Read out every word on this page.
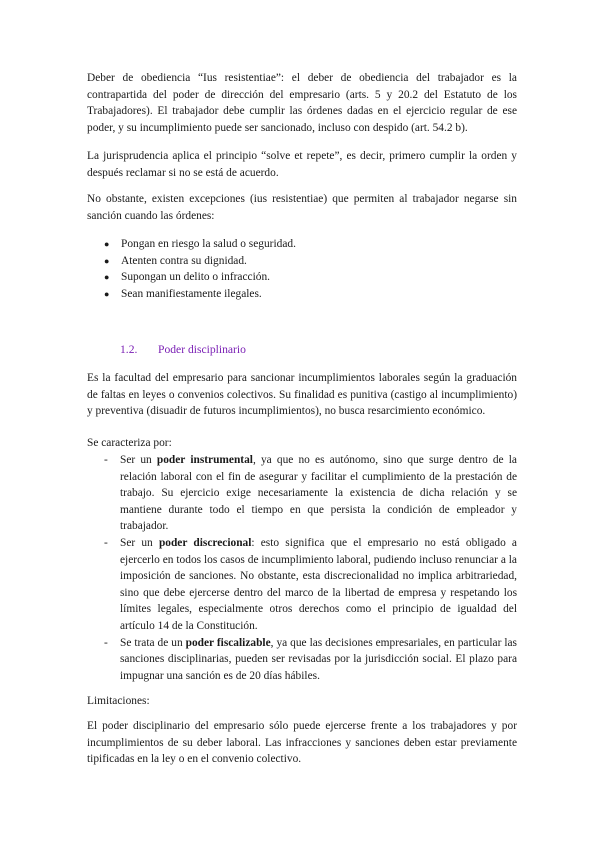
Deber de obediencia “Ius resistentiae”: el deber de obediencia del trabajador es la contrapartida del poder de dirección del empresario (arts. 5 y 20.2 del Estatuto de los Trabajadores). El trabajador debe cumplir las órdenes dadas en el ejercicio regular de ese poder, y su incumplimiento puede ser sancionado, incluso con despido (art. 54.2 b).

La jurisprudencia aplica el principio “solve et repete”, es decir, primero cumplir la orden y después reclamar si no se está de acuerdo.

No obstante, existen excepciones (ius resistentiae) que permiten al trabajador negarse sin sanción cuando las órdenes:

● Pongan en riesgo la salud o seguridad.
● Atenten contra su dignidad.
● Supongan un delito o infracción.
● Sean manifiestamente ilegales.
1.2. Poder disciplinario

Es la facultad del empresario para sancionar incumplimientos laborales según la graduación de faltas en leyes o convenios colectivos. Su finalidad es punitiva (castigo al incumplimiento) y preventiva (disuadir de futuros incumplimientos), no busca resarcimiento económico.

Se caracteriza por:

- Ser un poder instrumental, ya que no es autónomo, sino que surge dentro de la relación laboral con el fin de asegurar y facilitar el cumplimiento de la prestación de trabajo. Su ejercicio exige necesariamente la existencia de dicha relación y se mantiene durante todo el tiempo en que persista la condición de empleador y trabajador.
- Ser un poder discrecional: esto significa que el empresario no está obligado a ejercerlo en todos los casos de incumplimiento laboral, pudiendo incluso renunciar a la imposición de sanciones. No obstante, esta discrecionalidad no implica arbitrariedad, sino que debe ejercerse dentro del marco de la libertad de empresa y respetando los límites legales, especialmente otros derechos como el principio de igualdad del artículo 14 de la Constitución.
- Se trata de un poder fiscalizable, ya que las decisiones empresariales, en particular las sanciones disciplinarias, pueden ser revisadas por la jurisdicción social. El plazo para impugnar una sanción es de 20 días hábiles.

Limitaciones:

El poder disciplinario del empresario sólo puede ejercerse frente a los trabajadores y por incumplimientos de su deber laboral. Las infracciones y sanciones deben estar previamente tipificadas en la ley o en el convenio colectivo.
